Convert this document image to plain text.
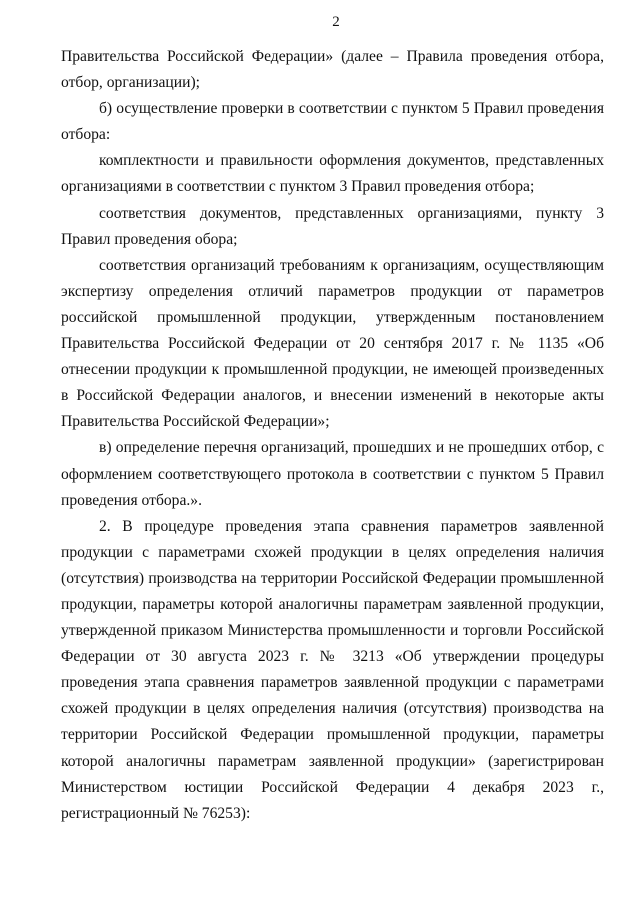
2

Правительства Российской Федерации» (далее – Правила проведения отбора, отбор, организации);

б) осуществление проверки в соответствии с пунктом 5 Правил проведения отбора:

комплектности и правильности оформления документов, представленных организациями в соответствии с пунктом 3 Правил проведения отбора;

соответствия документов, представленных организациями, пункту 3 Правил проведения обора;

соответствия организаций требованиям к организациям, осуществляющим экспертизу определения отличий параметров продукции от параметров российской промышленной продукции, утвержденным постановлением Правительства Российской Федерации от 20 сентября 2017 г. № 1135 «Об отнесении продукции к промышленной продукции, не имеющей произведенных в Российской Федерации аналогов, и внесении изменений в некоторые акты Правительства Российской Федерации»;

в) определение перечня организаций, прошедших и не прошедших отбор, с оформлением соответствующего протокола в соответствии с пунктом 5 Правил проведения отбора.».

2. В процедуре проведения этапа сравнения параметров заявленной продукции с параметрами схожей продукции в целях определения наличия (отсутствия) производства на территории Российской Федерации промышленной продукции, параметры которой аналогичны параметрам заявленной продукции, утвержденной приказом Министерства промышленности и торговли Российской Федерации от 30 августа 2023 г. № 3213 «Об утверждении процедуры проведения этапа сравнения параметров заявленной продукции с параметрами схожей продукции в целях определения наличия (отсутствия) производства на территории Российской Федерации промышленной продукции, параметры которой аналогичны параметрам заявленной продукции» (зарегистрирован Министерством юстиции Российской Федерации 4 декабря 2023 г., регистрационный № 76253):
